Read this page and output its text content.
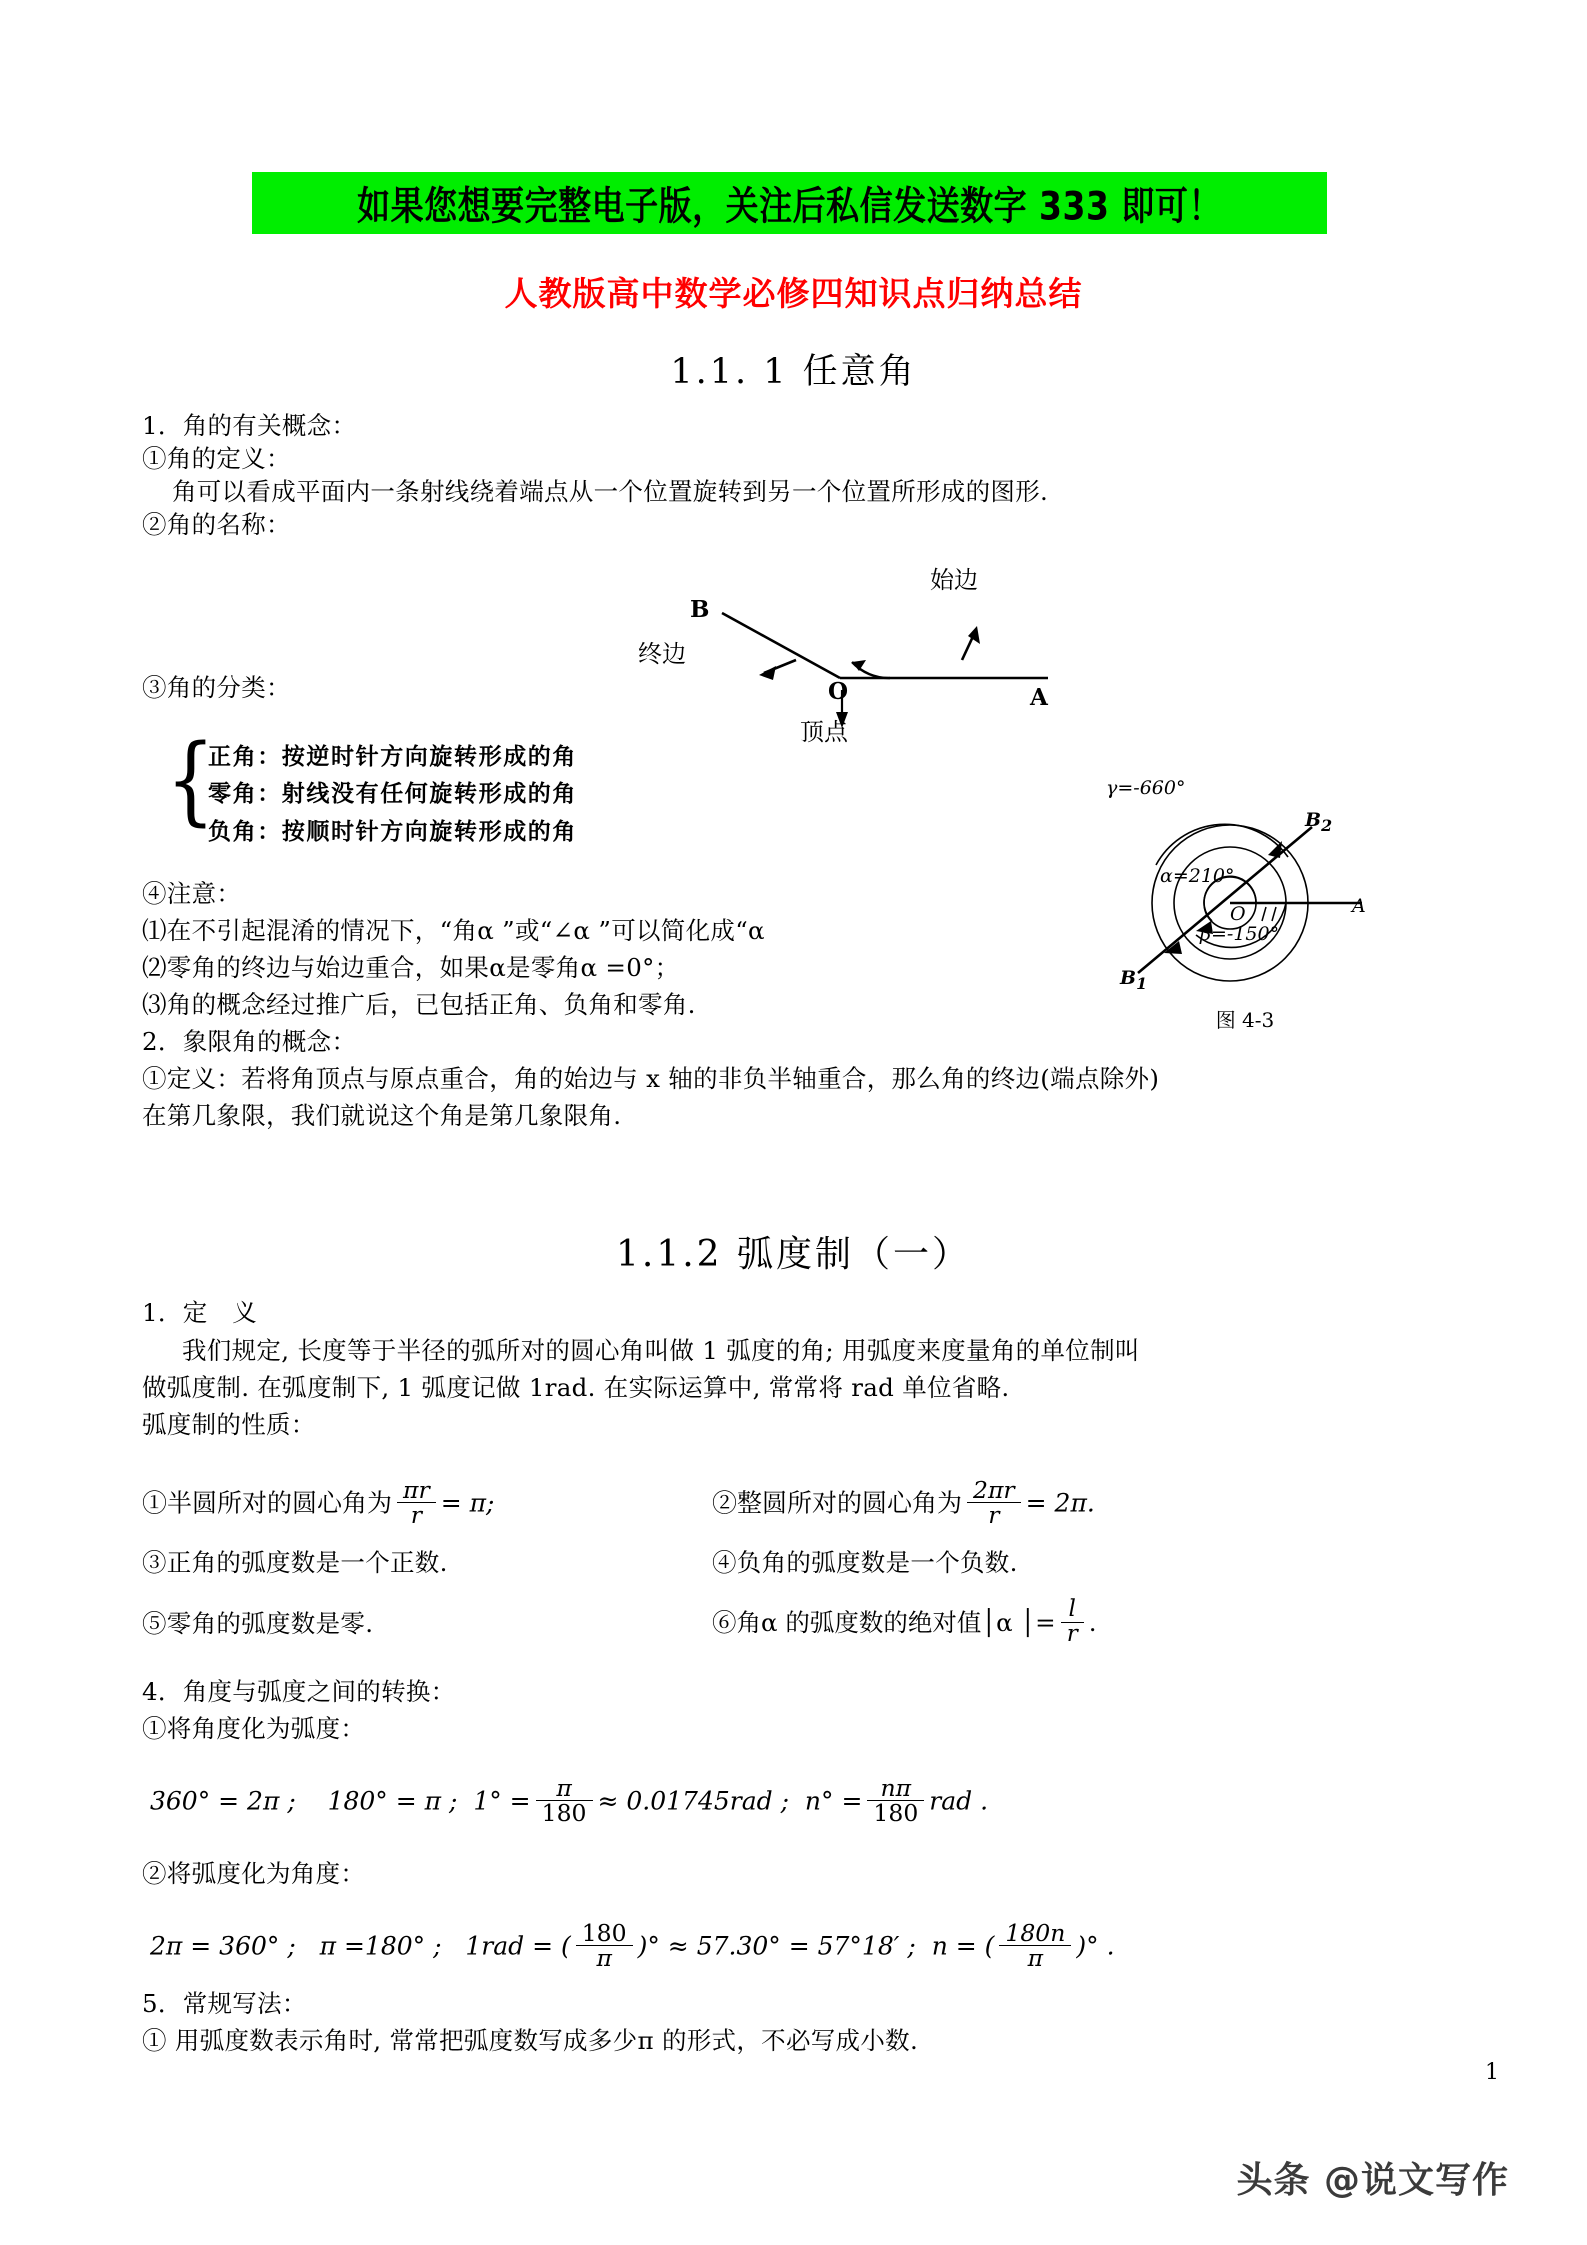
如果您想要完整电子版，关注后私信发送数字 333 即可！
人教版高中数学必修四知识点归纳总结
1.1. 1 任意角
1．角的有关概念：
①角的定义：
角可以看成平面内一条射线绕着端点从一个位置旋转到另一个位置所形成的图形.
②角的名称：
③角的分类：
B
A
O
终边
始边
顶点
{
正角：按逆时针方向旋转形成的角
零角：射线没有任何旋转形成的角
负角：按顺时针方向旋转形成的角
④注意：
⑴在不引起混淆的情况下，“角α ”或“∠α ”可以简化成“α
⑵零角的终边与始边重合，如果α是零角α =0°；
⑶角的概念经过推广后，已包括正角、负角和零角.
2．象限角的概念：
①定义：若将角顶点与原点重合，角的始边与 x 轴的非负半轴重合，那么角的终边(端点除外)
在第几象限，我们就说这个角是第几象限角.
γ=-660°
α=210°
β=-150°
$B_1$
$B_2$
O	A
图 4-3
1.1.2 弧度制（一）
1．定　义
我们规定, 长度等于半径的弧所对的圆心角叫做 1 弧度的角; 用弧度来度量角的单位制叫
做弧度制. 在弧度制下, 1 弧度记做 1rad. 在实际运算中, 常常将 rad 单位省略.
弧度制的性质：
①半圆所对的圆心角为 $\frac{\pi r}{r} = \pi$;	②整圆所对的圆心角为 $\frac{2\pi r}{r} = 2\pi$.
③正角的弧度数是一个正数.	④负角的弧度数是一个负数.
⑤零角的弧度数是零.	⑥角α 的弧度数的绝对值│α │= $\frac{l}{r}$ .
4．角度与弧度之间的转换：
①将角度化为弧度：
360° = 2π ; 180° = π ; $1^\circ = \frac{\pi}{180} \approx 0.01745rad$ ; $n^\circ = \frac{n\pi}{180}$ rad .
②将弧度化为角度：
2π = 360° ; π =180° ; 1rad = ( $\frac{180}{\pi}$ )° ≈ 57.30° = 57°18′ ; n = ( $\frac{180n}{\pi}$ )° .
5．常规写法：
① 用弧度数表示角时, 常常把弧度数写成多少π 的形式，不必写成小数.
1
头条 @说文写作
